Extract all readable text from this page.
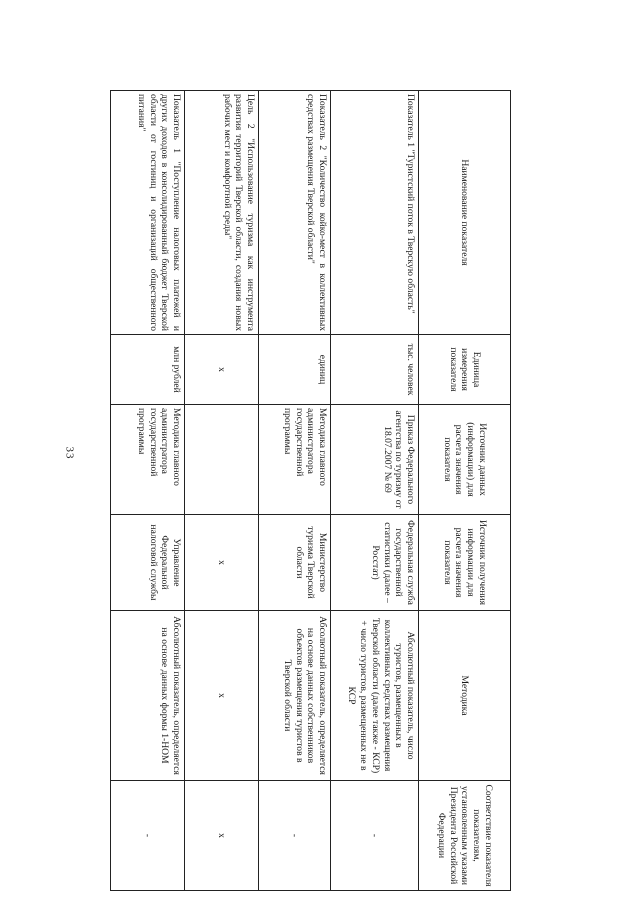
33
Наименование показателя	Единица измерения показателя	Источник данных (информации) для расчета значения показателя	Источник получения информации для расчета значения показателя	Методика	Соответствие показателя показателям, установленным указами Президента Российской Федерации
Показатель 1 "Туристский поток в Тверскую область"	тыс. человек	Приказ Федерального агентства по туризму от 18.07.2007 № 69	Федеральная служба государственной статистики (далее – Росстат)	Абсолютный показатель, число туристов, размещенных в коллективных средствах размещения Тверской области (далее также - КСР) + число туристов, размещенных не в КСР	-
Показатель 2 "Количество койко-мест в коллективных средствах размещения Тверской области"	единиц	Методика главного администратора государственной программы	Министерство туризма Тверской области	Абсолютный показатель, определяется на основе данных собственников объектов размещения туристов в Тверской области	-
Цель 2 "Использование туризма как инструмента развития территорий Тверской области, создания новых рабочих мест и комфортной среды"	х		х	х	х
Показатель 1 "Поступление налоговых платежей и других доходов в консолидированный бюджет Тверской области от гостиниц и организаций общественного питания"	млн рублей	Методика главного администратора государственной программы	Управление Федеральной налоговой службы	Абсолютный показатель, определяется на основе данных формы 1-НОМ	-
